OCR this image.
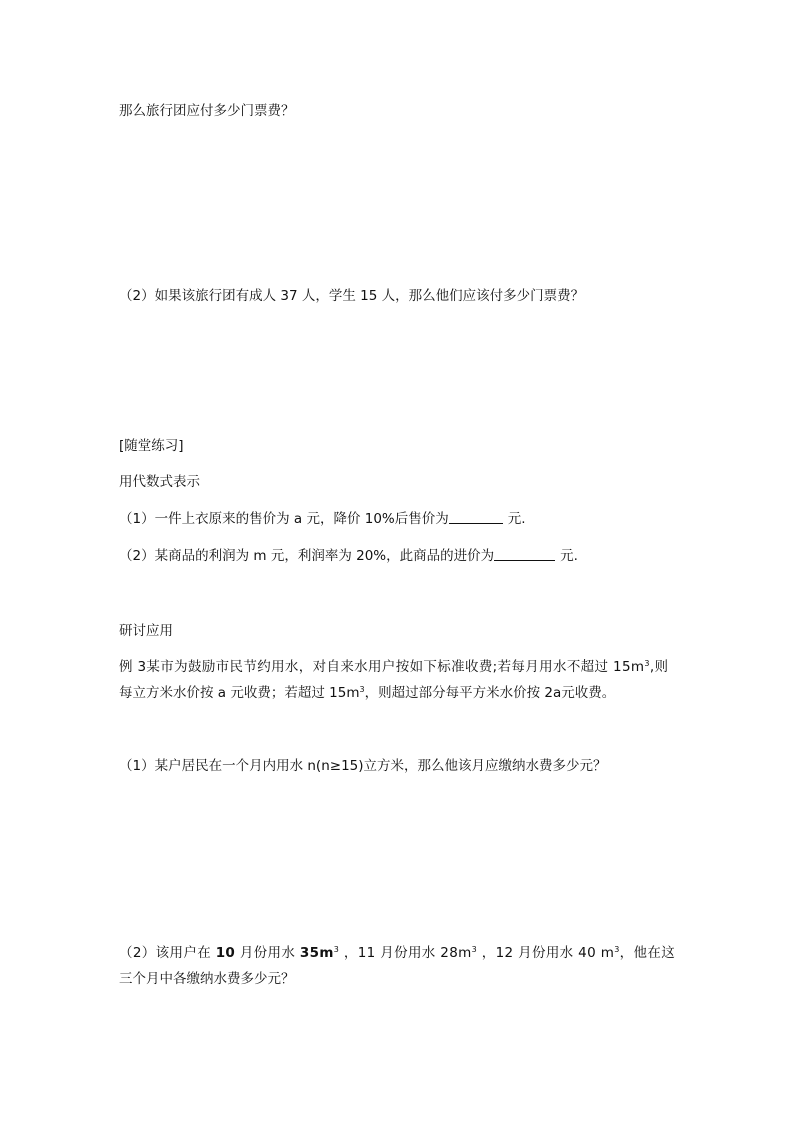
那么旅行团应付多少门票费？
（2）如果该旅行团有成人 37 人，学生 15 人，那么他们应该付多少门票费？
[随堂练习]
用代数式表示
（1）一件上衣原来的售价为 a 元，降价 10%后售价为	元.
（2）某商品的利润为 m 元，利润率为 20%，此商品的进价为	元.
研讨应用
例 3某市为鼓励市民节约用水，对自来水用户按如下标准收费;若每月用水不超过 $15m^3$,则
每立方米水价按 a 元收费；若超过 $15m^3$，则超过部分每平方米水价按 2a元收费。
（1）某户居民在一个月内用水 n(n≥15)立方米，那么他该月应缴纳水费多少元？
（2）该用户在 10 月份用水 $35m^3$ ，11 月份用水 $28m^3$ ，12 月份用水 40 $m^3$，他在这
三个月中各缴纳水费多少元？
